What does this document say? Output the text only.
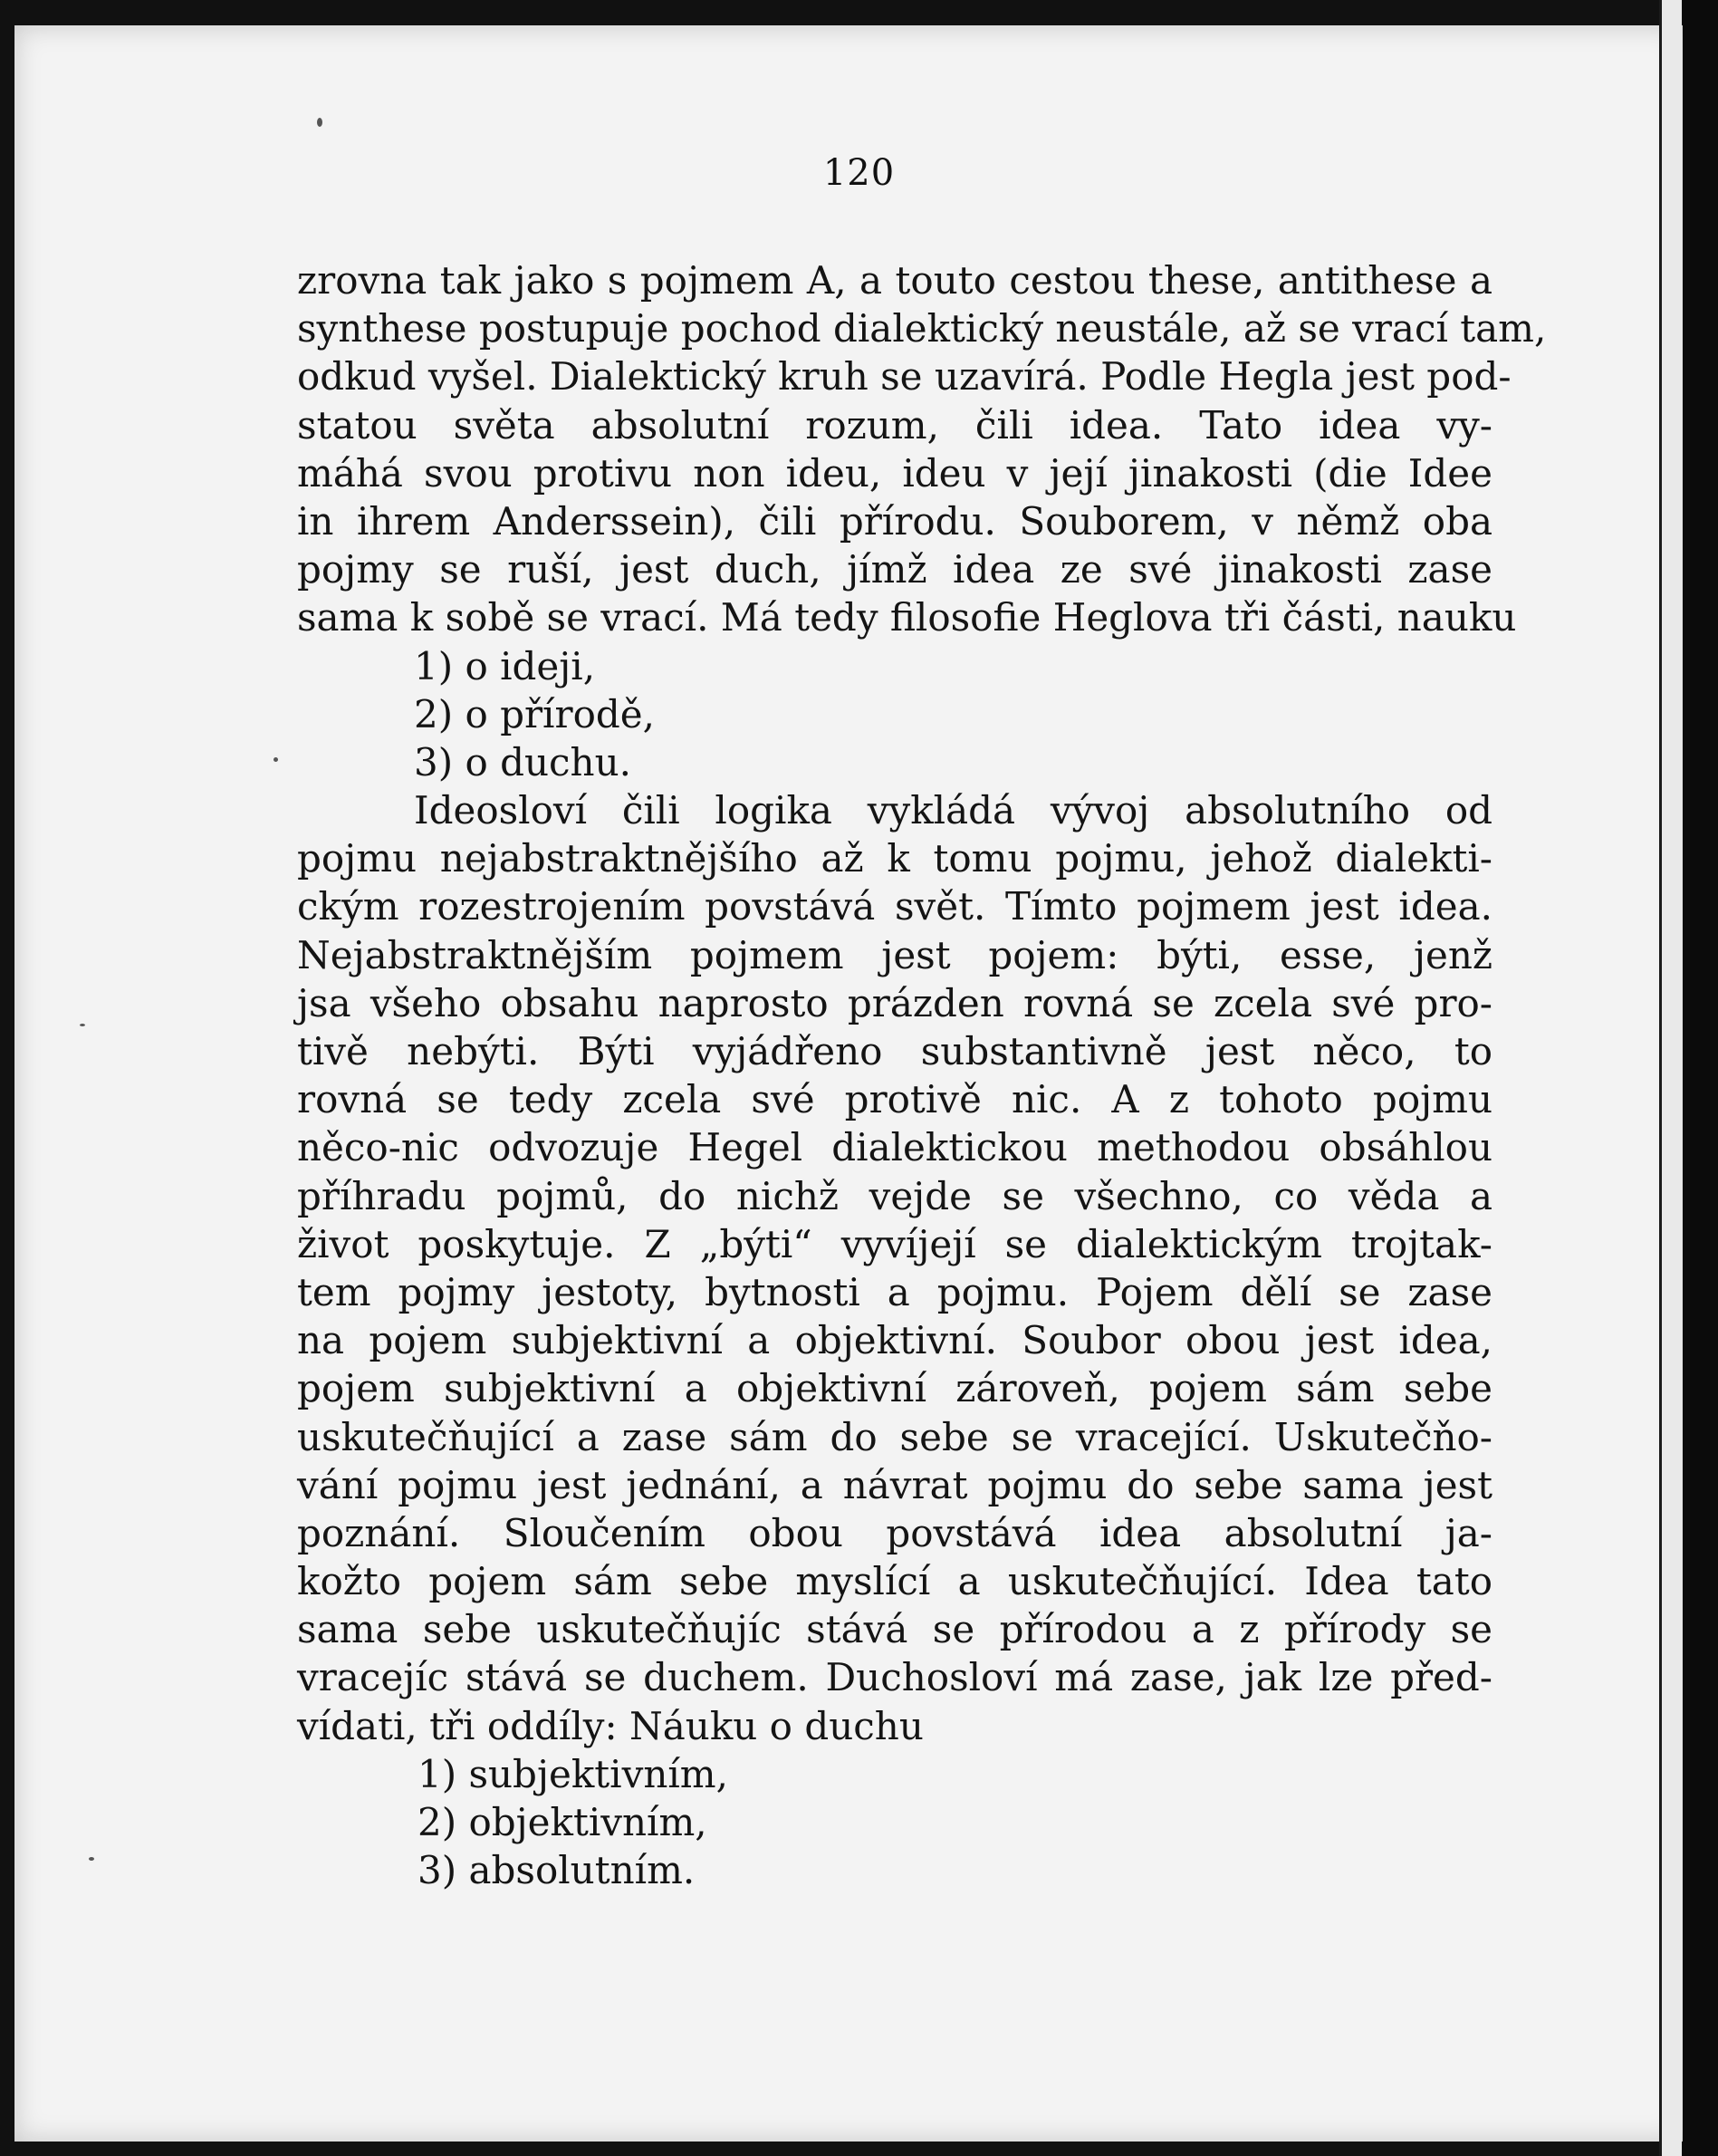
120
zrovna tak jako s pojmem A, a touto cestou these, antithese a
synthese postupuje pochod dialektický neustále, až se vrací tam,
odkud vyšel. Dialektický kruh se uzavírá. Podle Hegla jest pod-
statou světa absolutní rozum, čili idea. Tato idea vy-
máhá svou protivu non ideu, ideu v její jinakosti (die Idee
in ihrem Anderssein), čili přírodu. Souborem, v němž oba
pojmy se ruší, jest duch, jímž idea ze své jinakosti zase
sama k sobě se vrací. Má tedy filosofie Heglova tři části, nauku
1) o ideji,
2) o přírodě,
3) o duchu.
Ideosloví čili logika vykládá vývoj absolutního od
pojmu nejabstraktnějšího až k tomu pojmu, jehož dialekti-
ckým rozestrojením povstává svět. Tímto pojmem jest idea.
Nejabstraktnějším pojmem jest pojem: býti, esse, jenž
jsa všeho obsahu naprosto prázden rovná se zcela své pro-
tivě nebýti. Býti vyjádřeno substantivně jest něco, to
rovná se tedy zcela své protivě nic. A z tohoto pojmu
něco-nic odvozuje Hegel dialektickou methodou obsáhlou
příhradu pojmů, do nichž vejde se všechno, co věda a
život poskytuje. Z „býti“ vyvíjejí se dialektickým trojtak-
tem pojmy jestoty, bytnosti a pojmu. Pojem dělí se zase
na pojem subjektivní a objektivní. Soubor obou jest idea,
pojem subjektivní a objektivní zároveň, pojem sám sebe
uskutečňující a zase sám do sebe se vracející. Uskutečňo-
vání pojmu jest jednání, a návrat pojmu do sebe sama jest
poznání. Sloučením obou povstává idea absolutní ja-
kožto pojem sám sebe myslící a uskutečňující. Idea tato
sama sebe uskutečňujíc stává se přírodou a z přírody se
vracejíc stává se duchem. Duchosloví má zase, jak lze před-
vídati, tři oddíly: Náuku o duchu
1) subjektivním,
2) objektivním,
3) absolutním.
